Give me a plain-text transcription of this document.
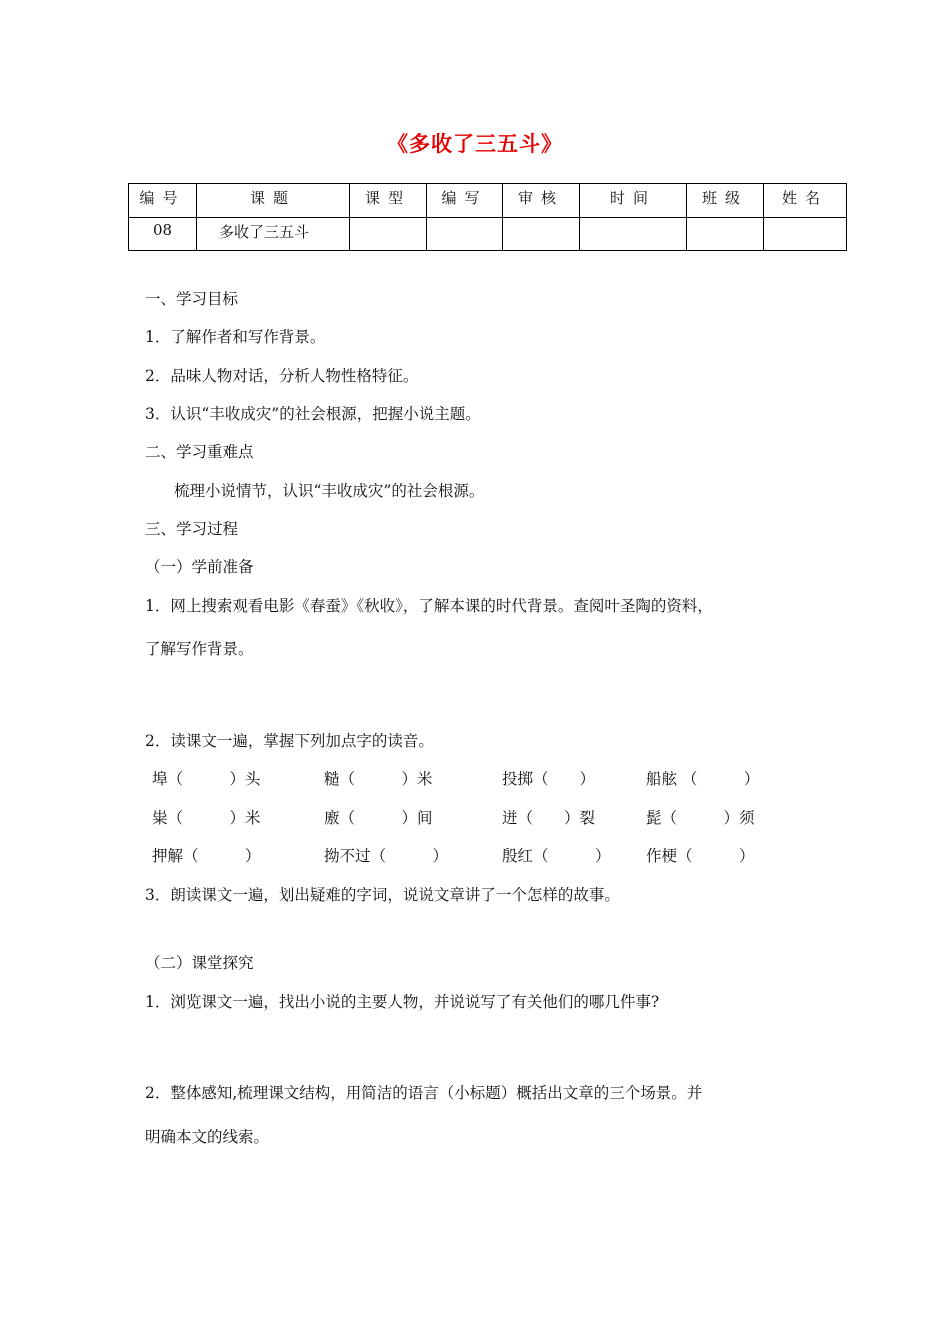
《多收了三五斗》
编号	课题	课型	编写	审核	时间	班级	姓名
08	多收了三五斗						
一、学习目标
1．了解作者和写作背景。
2．品味人物对话，分析人物性格特征。
3．认识“丰收成灾”的社会根源，把握小说主题。
二、学习重难点
梳理小说情节，认识“丰收成灾”的社会根源。
三、学习过程
（一）学前准备
1．网上搜索观看电影《春蚕》《秋收》，了解本课的时代背景。查阅叶圣陶的资料，
了解写作背景。
2．读课文一遍，掌握下列加点字的读音。
埠（　　　）头	糙（　　　）米	投掷（　　）	船舷 （　　　）
粜（　　　）米	廒（　　　）间	迸（　　）裂	髭（　　　）须
押解（　　　）	拗不过（　　　）	殷红（　　　） 作梗（　　　）
3．朗读课文一遍，划出疑难的字词，说说文章讲了一个怎样的故事。
（二）课堂探究
1．浏览课文一遍，找出小说的主要人物，并说说写了有关他们的哪几件事?
2．整体感知,梳理课文结构，用简洁的语言（小标题）概括出文章的三个场景。并
明确本文的线索。
